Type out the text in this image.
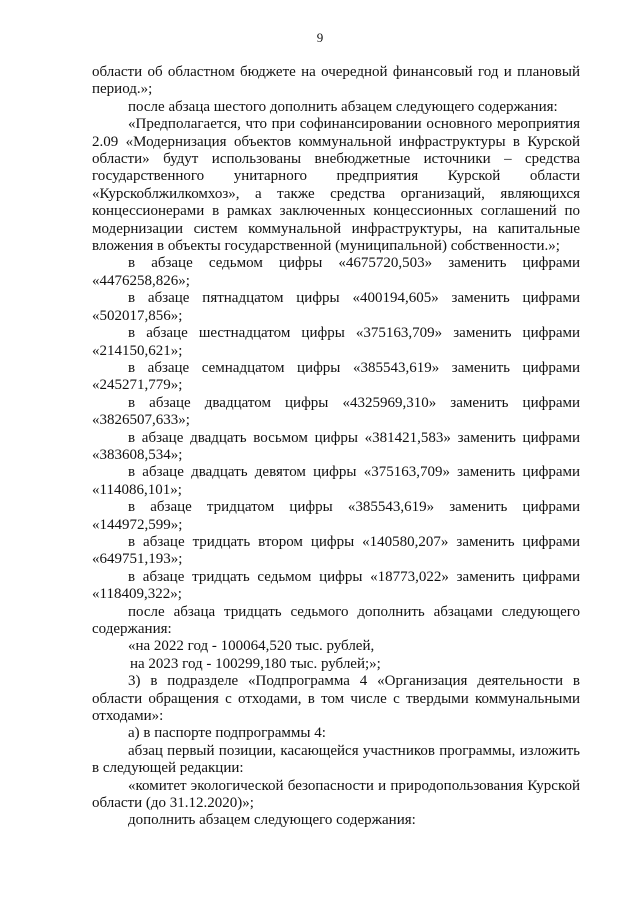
9

области об областном бюджете на очередной финансовый год и плановый период.»;

после абзаца шестого дополнить абзацем следующего содержания:

«Предполагается, что при софинансировании основного мероприятия 2.09 «Модернизация объектов коммунальной инфраструктуры в Курской области» будут использованы внебюджетные источники – средства государственного унитарного предприятия Курской области «Курскоблжилкомхоз», а также средства организаций, являющихся концессионерами в рамках заключенных концессионных соглашений по модернизации систем коммунальной инфраструктуры, на капитальные вложения в объекты государственной (муниципальной) собственности.»;

в абзаце седьмом цифры «4675720,503» заменить цифрами «4476258,826»;

в абзаце пятнадцатом цифры «400194,605» заменить цифрами «502017,856»;

в абзаце шестнадцатом цифры «375163,709» заменить цифрами «214150,621»;

в абзаце семнадцатом цифры «385543,619» заменить цифрами «245271,779»;

в абзаце двадцатом цифры «4325969,310» заменить цифрами «3826507,633»;

в абзаце двадцать восьмом цифры «381421,583» заменить цифрами «383608,534»;

в абзаце двадцать девятом цифры «375163,709» заменить цифрами «114086,101»;

в абзаце тридцатом цифры «385543,619» заменить цифрами «144972,599»;

в абзаце тридцать втором цифры «140580,207» заменить цифрами «649751,193»;

в абзаце тридцать седьмом цифры «18773,022» заменить цифрами «118409,322»;

после абзаца тридцать седьмого дополнить абзацами следующего содержания:

«на 2022 год - 100064,520 тыс. рублей,

на 2023 год - 100299,180 тыс. рублей;»;

3) в подразделе «Подпрограмма 4 «Организация деятельности в области обращения с отходами, в том числе с твердыми коммунальными отходами»:

а) в паспорте подпрограммы 4:

абзац первый позиции, касающейся участников программы, изложить в следующей редакции:

«комитет экологической безопасности и природопользования Курской области (до 31.12.2020)»;

дополнить абзацем следующего содержания:
